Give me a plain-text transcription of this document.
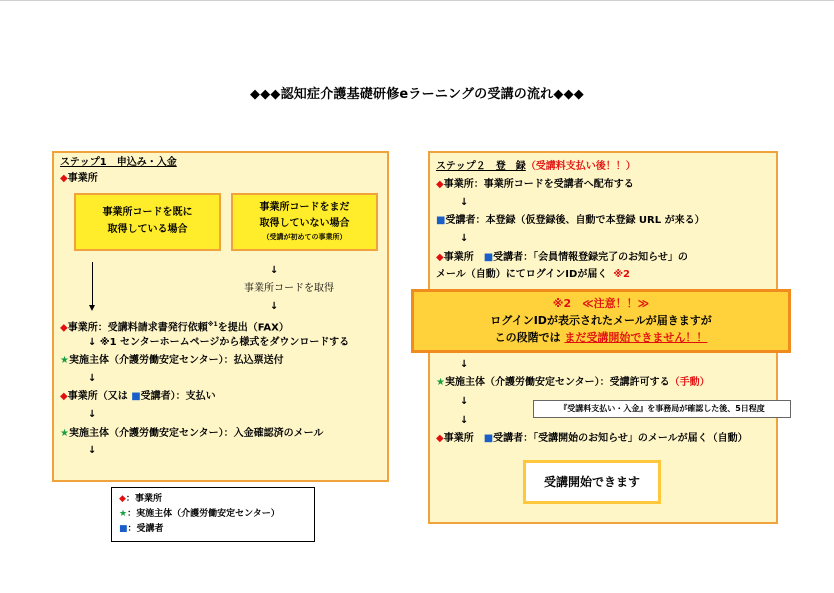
◆◆◆認知症介護基礎研修eラーニングの受講の流れ◆◆◆
ステップ1　申込み・入金
◆事業所
事業所コードを既に
取得している場合
事業所コードをまだ
取得していない場合
（受講が初めての事業所）
↓
事業所コードを取得
↓
◆事業所：受講料請求書発行依頼$^{※1}$を提出（FAX）
↓ ※1 センターホームページから様式をダウンロードする
★実施主体（介護労働安定センター）：払込票送付
↓
◆事業所（又は ■受講者）：支払い
↓
★実施主体（介護労働安定センター）：入金確認済のメール
↓
ステップ２　登　録（受講料支払い後！！）
◆事業所：事業所コードを受講者へ配布する
↓
■受講者：本登録（仮登録後、自動で本登録 URL が来る）
↓
◆事業所　■受講者：「会員情報登録完了のお知らせ」の
メール（自動）にてログインIDが届く ※2
※2　≪注意！！≫
ログインIDが表示されたメールが届きますが
この段階では まだ受講開始できません！！
↓
★実施主体（介護労働安定センター）：受講許可する（手動）
↓
『受講料支払い・入金』を事務局が確認した後、5日程度
↓
◆事業所　■受講者：「受講開始のお知らせ」のメールが届く（自動）
受講開始できます
◆：事業所
★：実施主体（介護労働安定センター）
■：受講者
